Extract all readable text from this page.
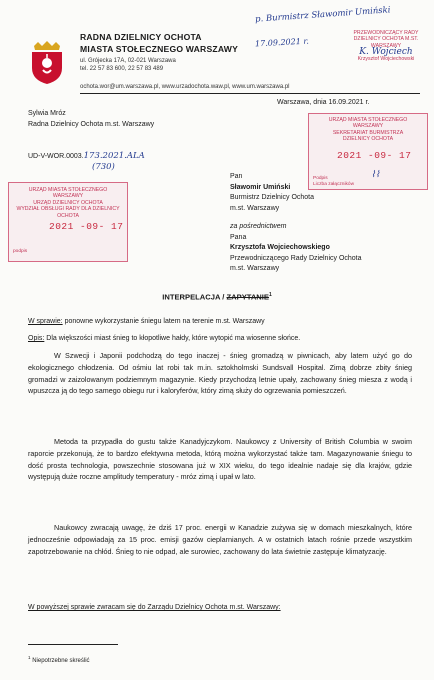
p. Burmistrz Sławomir Umiński
17.09.2021 r.
RADNA DZIELNICY OCHOTA
MIASTA STOŁECZNEGO WARSZAWY
ul. Grójecka 17A, 02-021 Warszawa
tel. 22 57 83 600, 22 57 83 489
ochota.wor@um.warszawa.pl, www.urzadochota.waw.pl, www.um.warszawa.pl
PRZEWODNICZĄCY RADY
DZIELNICY OCHOTA M.ST. WARSZAWY
K. Wojciech
Krzysztof Wojciechowski
Sylwia Mróz
Radna Dzielnicy Ochota m.st. Warszawy
Warszawa, dnia 16.09.2021 r.
URZĄD MIASTA STOŁECZNEGO WARSZAWY
SEKRETARIAT BURMISTRZA
DZIELNICY OCHOTA
2021 -09- 17
Podpis
Liczba załączników
⌇⌇
UD-V-WOR.0003.173.2021.ALA
(730)
URZĄD MIASTA STOŁECZNEGO WARSZAWY
URZĄD DZIELNICY OCHOTA
WYDZIAŁ OBSŁUGI RADY DLA DZIELNICY OCHOTA
2021 -09- 17
podpis
Pan
Sławomir Umiński
Burmistrz Dzielnicy Ochota
m.st. Warszawy
za pośrednictwem
Pana
Krzysztofa Wojciechowskiego
Przewodniczącego Rady Dzielnicy Ochota
m.st. Warszawy
INTERPELACJA / ZAPYTANIE$^1$
W sprawie: ponowne wykorzystanie śniegu latem na terenie m.st. Warszawy
Opis: Dla większości miast śnieg to kłopotliwe hałdy, które wytopić ma wiosenne słońce.
W Szwecji i Japonii podchodzą do tego inaczej - śnieg gromadzą w piwnicach, aby latem użyć go do ekologicznego chłodzenia. Od ośmiu lat robi tak m.in. sztokholmski Sundsvall Hospital. Zimą dobrze zbity śnieg gromadzi w zaizolowanym podziemnym magazynie. Kiedy przychodzą letnie upały, zachowany śnieg miesza z wodą i wpuszcza ją do tego samego obiegu rur i kaloryferów, który zimą służy do ogrzewania pomieszczeń.
Metoda ta przypadła do gustu także Kanadyjczykom. Naukowcy z University of British Columbia w swoim raporcie przekonują, że to bardzo efektywna metoda, którą można wykorzystać także tam. Magazynowanie śniegu to dość prosta technologia, powszechnie stosowana już w XIX wieku, do tego idealnie nadaje się dla krajów, gdzie występują duże roczne amplitudy temperatury - mróz zimą i upał w lato.
Naukowcy zwracają uwagę, że dziś 17 proc. energii w Kanadzie zużywa się w domach mieszkalnych, które jednocześnie odpowiadają za 15 proc. emisji gazów cieplarnianych. A w ostatnich latach rośnie przede wszystkim zapotrzebowanie na chłód. Śnieg to nie odpad, ale surowiec, zachowany do lata świetnie zastępuje klimatyzację.
W powyższej sprawie zwracam się do Zarządu Dzielnicy Ochota m.st. Warszawy:
$^1$ Niepotrzebne skreślić
